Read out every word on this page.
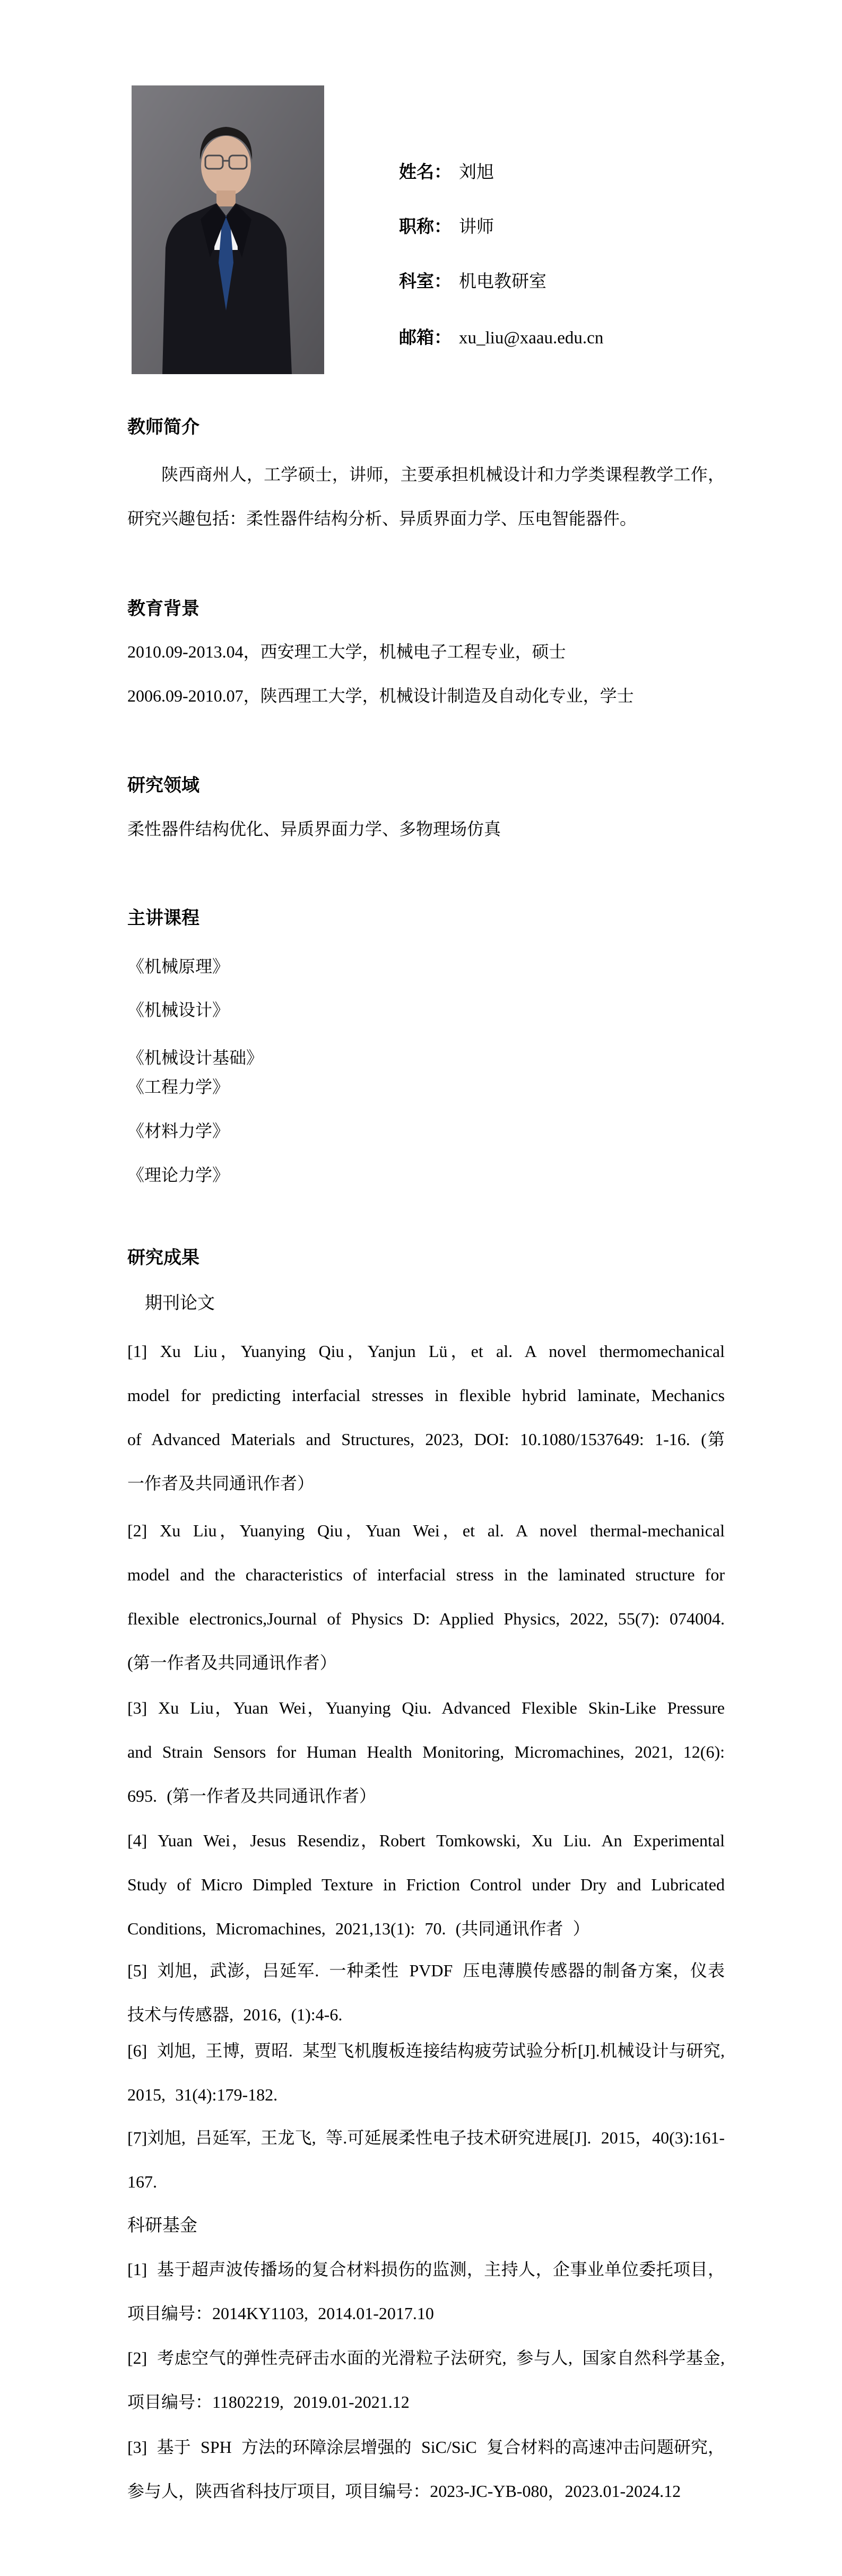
姓名： 刘旭
职称： 讲师
科室： 机电教研室
邮箱： xu_liu@xaau.edu.cn
教师简介
陕西商州人，工学硕士，讲师，主要承担机械设计和力学类课程教学工作，研究兴趣包括：柔性器件结构分析、异质界面力学、压电智能器件。
教育背景
2010.09-2013.04，西安理工大学，机械电子工程专业，硕士
2006.09-2010.07，陕西理工大学，机械设计制造及自动化专业，学士
研究领域
柔性器件结构优化、异质界面力学、多物理场仿真
主讲课程
《机械原理》
《机械设计》
《机械设计基础》
《工程力学》
《材料力学》
《理论力学》
研究成果
期刊论文
[1] Xu Liu，Yuanying Qiu，Yanjun Lü，et al. A novel thermomechanical model for predicting interfacial stresses in flexible hybrid laminate, Mechanics of Advanced Materials and Structures, 2023, DOI: 10.1080/1537649: 1-16. (第一作者及共同通讯作者）
[2] Xu Liu，Yuanying Qiu，Yuan Wei，et al. A novel thermal-mechanical model and the characteristics of interfacial stress in the laminated structure for flexible electronics,Journal of Physics D: Applied Physics, 2022, 55(7): 074004. (第一作者及共同通讯作者）
[3] Xu Liu，Yuan Wei，Yuanying Qiu. Advanced Flexible Skin-Like Pressure and Strain Sensors for Human Health Monitoring, Micromachines, 2021, 12(6): 695. (第一作者及共同通讯作者）
[4] Yuan Wei，Jesus Resendiz，Robert Tomkowski, Xu Liu. An Experimental Study of Micro Dimpled Texture in Friction Control under Dry and Lubricated Conditions, Micromachines, 2021,13(1): 70. (共同通讯作者 ）
[5] 刘旭，武澎，吕延军. 一种柔性 PVDF 压电薄膜传感器的制备方案，仪表技术与传感器, 2016, (1):4-6.
[6] 刘旭, 王博, 贾昭. 某型飞机腹板连接结构疲劳试验分析[J].机械设计与研究, 2015, 31(4):179-182.
[7]刘旭, 吕延军, 王龙飞, 等.可延展柔性电子技术研究进展[J]. 2015，40(3):161-167.
科研基金
[1] 基于超声波传播场的复合材料损伤的监测，主持人，企事业单位委托项目，项目编号：2014KY1103, 2014.01-2017.10
[2] 考虑空气的弹性壳砰击水面的光滑粒子法研究, 参与人, 国家自然科学基金, 项目编号：11802219, 2019.01-2021.12
[3] 基于 SPH 方法的环障涂层增强的 SiC/SiC 复合材料的高速冲击问题研究，参与人，陕西省科技厅项目, 项目编号：2023-JC-YB-080，2023.01-2024.12
